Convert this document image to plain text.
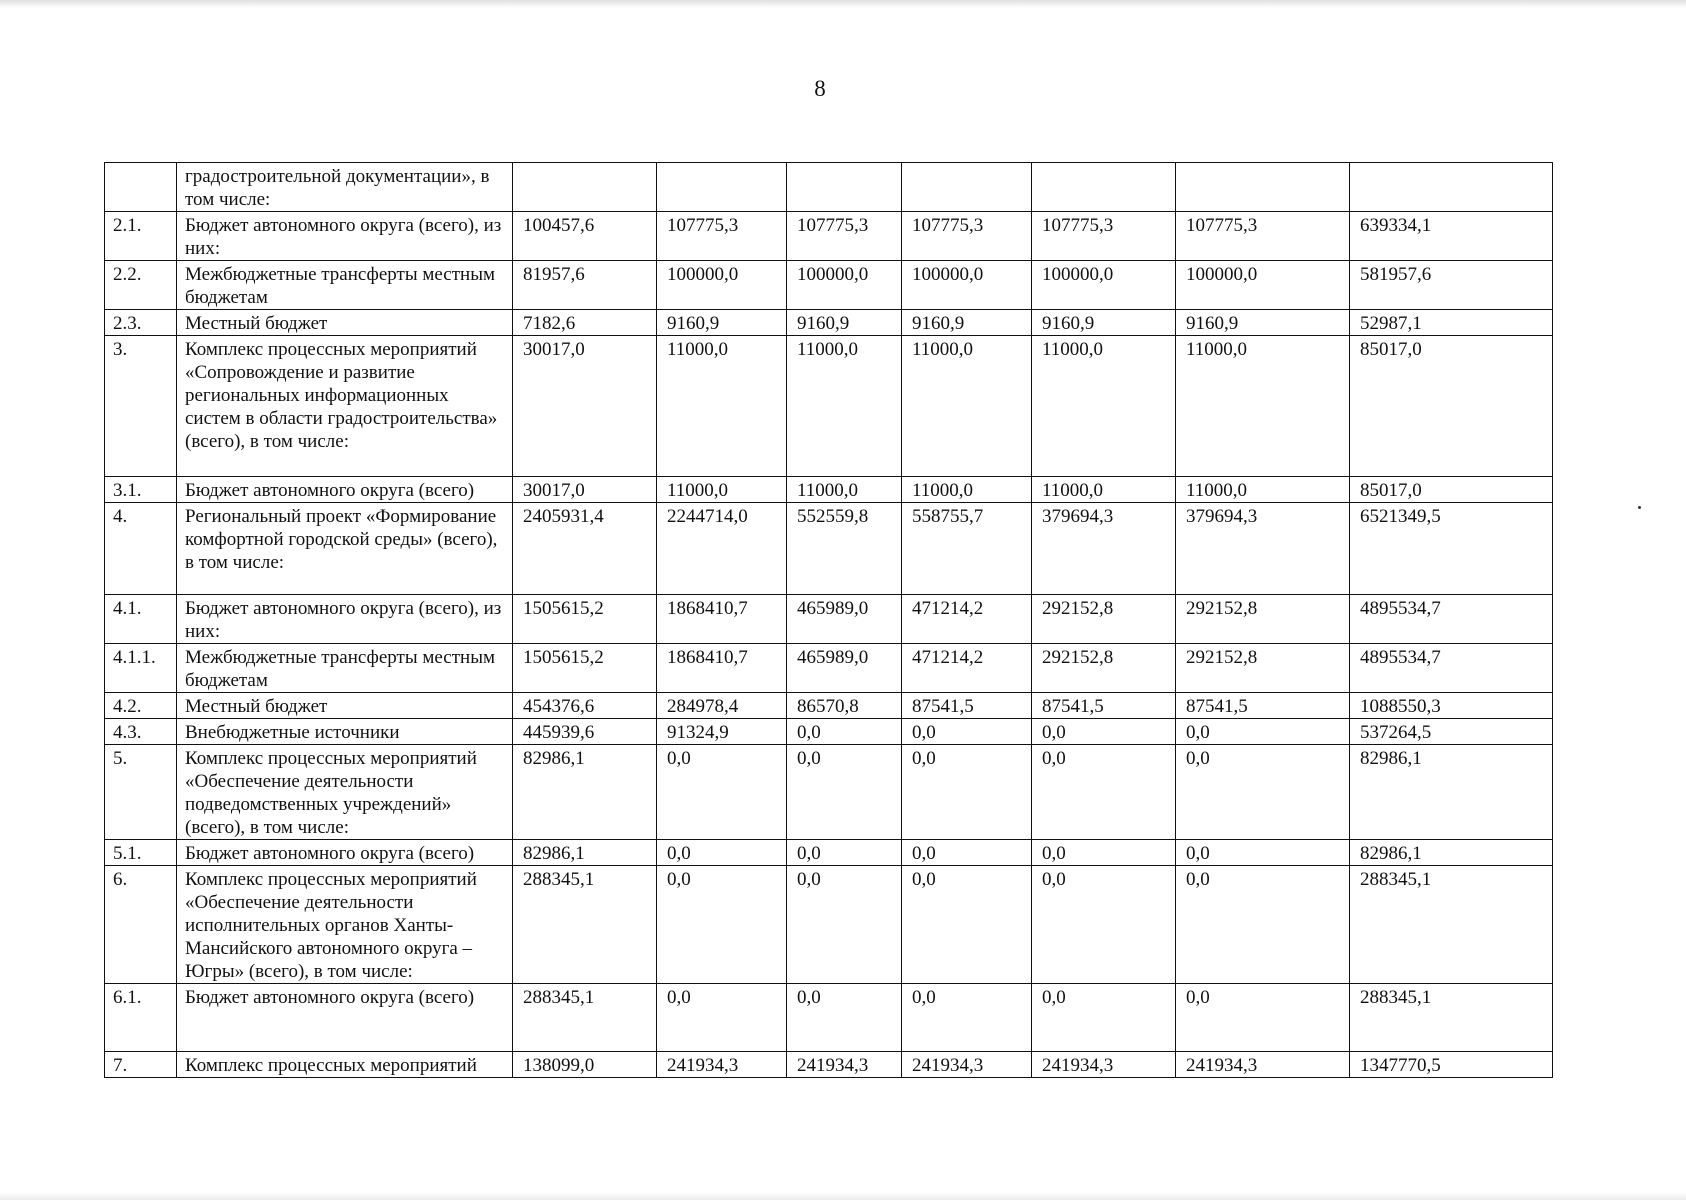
8
	градостроительной документации», в том числе:							
2.1.	Бюджет автономного округа (всего), из них:	100457,6	107775,3	107775,3	107775,3	107775,3	107775,3	639334,1
2.2.	Межбюджетные трансферты местным бюджетам	81957,6	100000,0	100000,0	100000,0	100000,0	100000,0	581957,6
2.3.	Местный бюджет	7182,6	9160,9	9160,9	9160,9	9160,9	9160,9	52987,1
3.	Комплекс процессных мероприятий «Сопровождение и развитие региональных информационных систем в области градостроительства» (всего), в том числе:	30017,0	11000,0	11000,0	11000,0	11000,0	11000,0	85017,0
3.1.	Бюджет автономного округа (всего)	30017,0	11000,0	11000,0	11000,0	11000,0	11000,0	85017,0
4.	Региональный проект «Формирование комфортной городской среды» (всего), в том числе:	2405931,4	2244714,0	552559,8	558755,7	379694,3	379694,3	6521349,5
4.1.	Бюджет автономного округа (всего), из них:	1505615,2	1868410,7	465989,0	471214,2	292152,8	292152,8	4895534,7
4.1.1.	Межбюджетные трансферты местным бюджетам	1505615,2	1868410,7	465989,0	471214,2	292152,8	292152,8	4895534,7
4.2.	Местный бюджет	454376,6	284978,4	86570,8	87541,5	87541,5	87541,5	1088550,3
4.3.	Внебюджетные источники	445939,6	91324,9	0,0	0,0	0,0	0,0	537264,5
5.	Комплекс процессных мероприятий «Обеспечение деятельности подведомственных учреждений» (всего), в том числе:	82986,1	0,0	0,0	0,0	0,0	0,0	82986,1
5.1.	Бюджет автономного округа (всего)	82986,1	0,0	0,0	0,0	0,0	0,0	82986,1
6.	Комплекс процессных мероприятий «Обеспечение деятельности исполнительных органов Ханты-Мансийского автономного округа – Югры» (всего), в том числе:	288345,1	0,0	0,0	0,0	0,0	0,0	288345,1
6.1.	Бюджет автономного округа (всего)	288345,1	0,0	0,0	0,0	0,0	0,0	288345,1
7.	Комплекс процессных мероприятий	138099,0	241934,3	241934,3	241934,3	241934,3	241934,3	1347770,5
